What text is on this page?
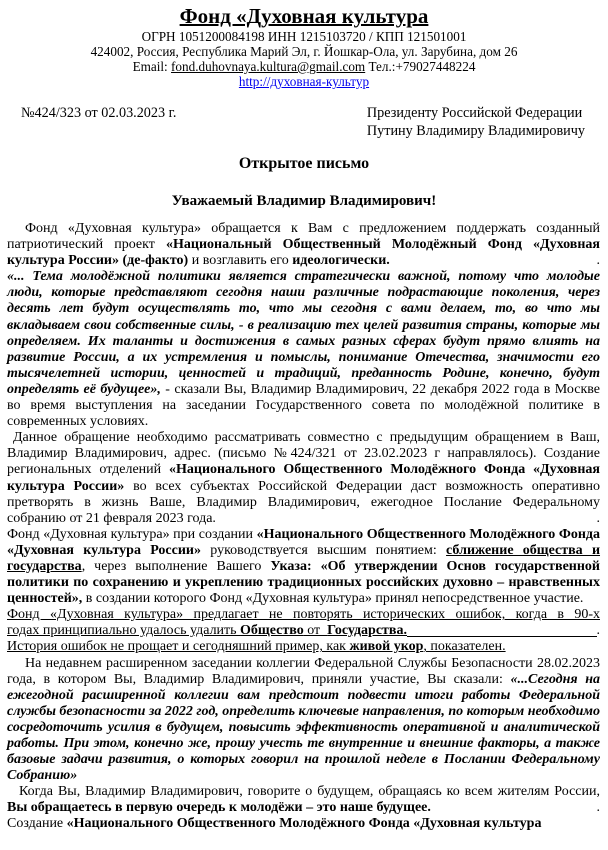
Фонд «Духовная культура
ОГРН 1051200084198 ИНН 1215103720 / КПП 121501001
424002, Россия, Республика Марий Эл, г. Йошкар-Ола, ул. Зарубина, дом 26
Email: fond.duhovnaya.kultura@gmail.com Тел.:+79027448224
http://духовная-культур
№424/323 от 02.03.2023 г.	Президенту Российской Федерации
Путину Владимиру Владимировичу
Открытое письмо
Уважаемый Владимир Владимирович!
Фонд «Духовная культура» обращается к Вам с предложением поддержать созданный патриотический проект «Национальный Общественный Молодёжный Фонд «Духовная культура России» (де-факто) и возглавить его идеологически.	.
«... Тема молодёжной политики является стратегически важной, потому что молодые люди, которые представляют сегодня наши различные подрастающие поколения, через десять лет будут осуществлять то, что мы сегодня с вами делаем, то, во что мы вкладываем свои собственные силы, - в реализацию тех целей развития страны, которые мы определяем. Их таланты и достижения в самых разных сферах будут прямо влиять на развитие России, а их устремления и помыслы, понимание Отечества, значимости его тысячелетней истории, ценностей и традиций, преданность Родине, конечно, будут определять её будущее», - сказали Вы, Владимир Владимирович, 22 декабря 2022 года в Москве во время выступления на заседании Государственного совета по молодёжной политике в современных условиях.
Данное обращение необходимо рассматривать совместно с предыдущим обращением в Ваш, Владимир Владимирович, адрес. (письмо №424/321 от 23.02.2023 г направлялось). Создание региональных отделений «Национального Общественного Молодёжного Фонда «Духовная культура России» во всех субъектах Российской Федерации даст возможность оперативно претворять в жизнь Ваше, Владимир Владимирович, ежегодное Послание Федеральному собранию от 21 февраля 2023 года.	.
Фонд «Духовная культура» при создании «Национального Общественного Молодёжного Фонда «Духовная культура России» руководствуется высшим понятием: сближение общества и государства, через выполнение Вашего Указа: «Об утверждении Основ государственной политики по сохранению и укреплению традиционных российских духовно – нравственных ценностей», в создании которого Фонд «Духовная культура» принял непосредственное участие.
Фонд «Духовная культура» предлагает не повторять исторических ошибок, когда в 90-х
годах принципиально удалось удалить Общество от Государства.	.
История ошибок не прощает и сегодняшний пример, как живой укор, показателен.
На недавнем расширенном заседании коллегии Федеральной Службы Безопасности 28.02.2023 года, в котором Вы, Владимир Владимирович, приняли участие, Вы сказали: «...Сегодня на ежегодной расширенной коллегии вам предстоит подвести итоги работы Федеральной службы безопасности за 2022 год, определить ключевые направления, по которым необходимо сосредоточить усилия в будущем, повысить эффективность оперативной и аналитической работы. При этом, конечно же, прошу учесть те внутренние и внешние факторы, а также базовые задачи развития, о которых говорил на прошлой неделе в Послании Федеральному Собранию»
Когда Вы, Владимир Владимирович, говорите о будущем, обращаясь ко всем жителям России, Вы обращаетесь в первую очередь к молодёжи – это наше будущее.	.
Создание «Национального Общественного Молодёжного Фонда «Духовная культура
